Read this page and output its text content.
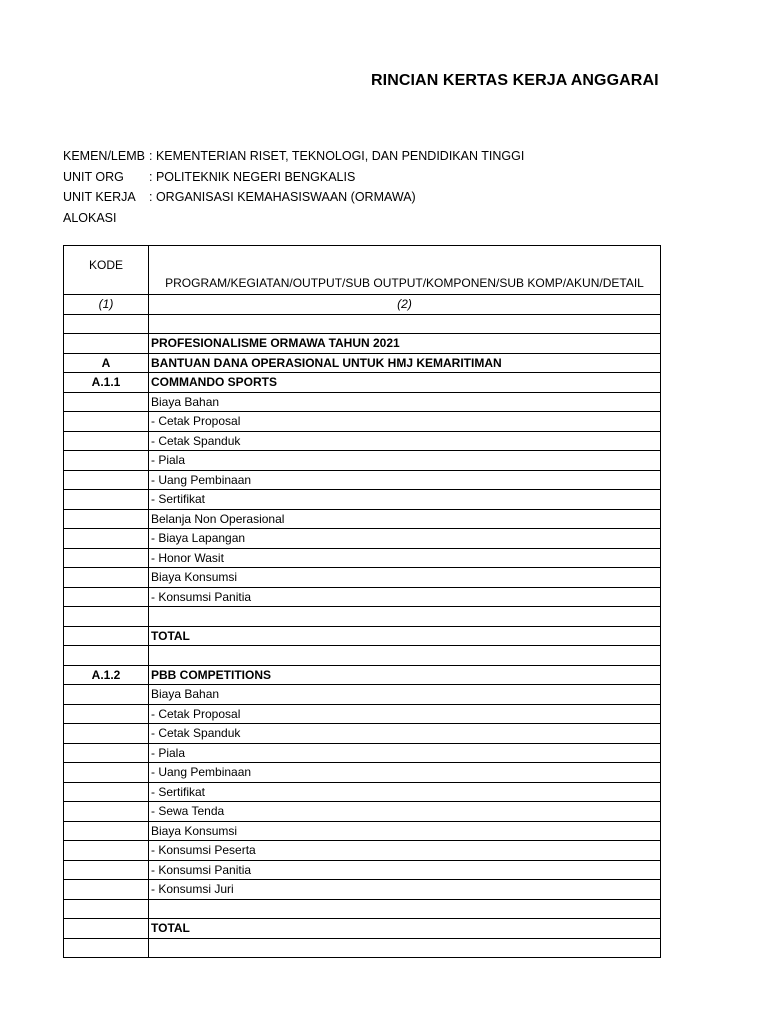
RINCIAN KERTAS KERJA ANGGARAI
KEMEN/LEMB : KEMENTERIAN RISET, TEKNOLOGI, DAN PENDIDIKAN TINGGI
UNIT ORG : POLITEKNIK NEGERI BENGKALIS
UNIT KERJA : ORGANISASI KEMAHASISWAAN (ORMAWA)
ALOKASI
KODE	PROGRAM/KEGIATAN/OUTPUT/SUB OUTPUT/KOMPONEN/SUB KOMP/AKUN/DETAIL
(1)	(2)

	PROFESIONALISME ORMAWA TAHUN 2021
A	BANTUAN DANA OPERASIONAL UNTUK HMJ KEMARITIMAN
A.1.1	COMMANDO SPORTS
	Biaya Bahan
	- Cetak Proposal
	- Cetak Spanduk
	- Piala
	- Uang Pembinaan
	- Sertifikat
	Belanja Non Operasional
	- Biaya Lapangan
	- Honor Wasit
	Biaya Konsumsi
	- Konsumsi Panitia

	TOTAL

A.1.2	PBB COMPETITIONS
	Biaya Bahan
	- Cetak Proposal
	- Cetak Spanduk
	- Piala
	- Uang Pembinaan
	- Sertifikat
	- Sewa Tenda
	Biaya Konsumsi
	- Konsumsi Peserta
	- Konsumsi Panitia
	- Konsumsi Juri

	TOTAL
